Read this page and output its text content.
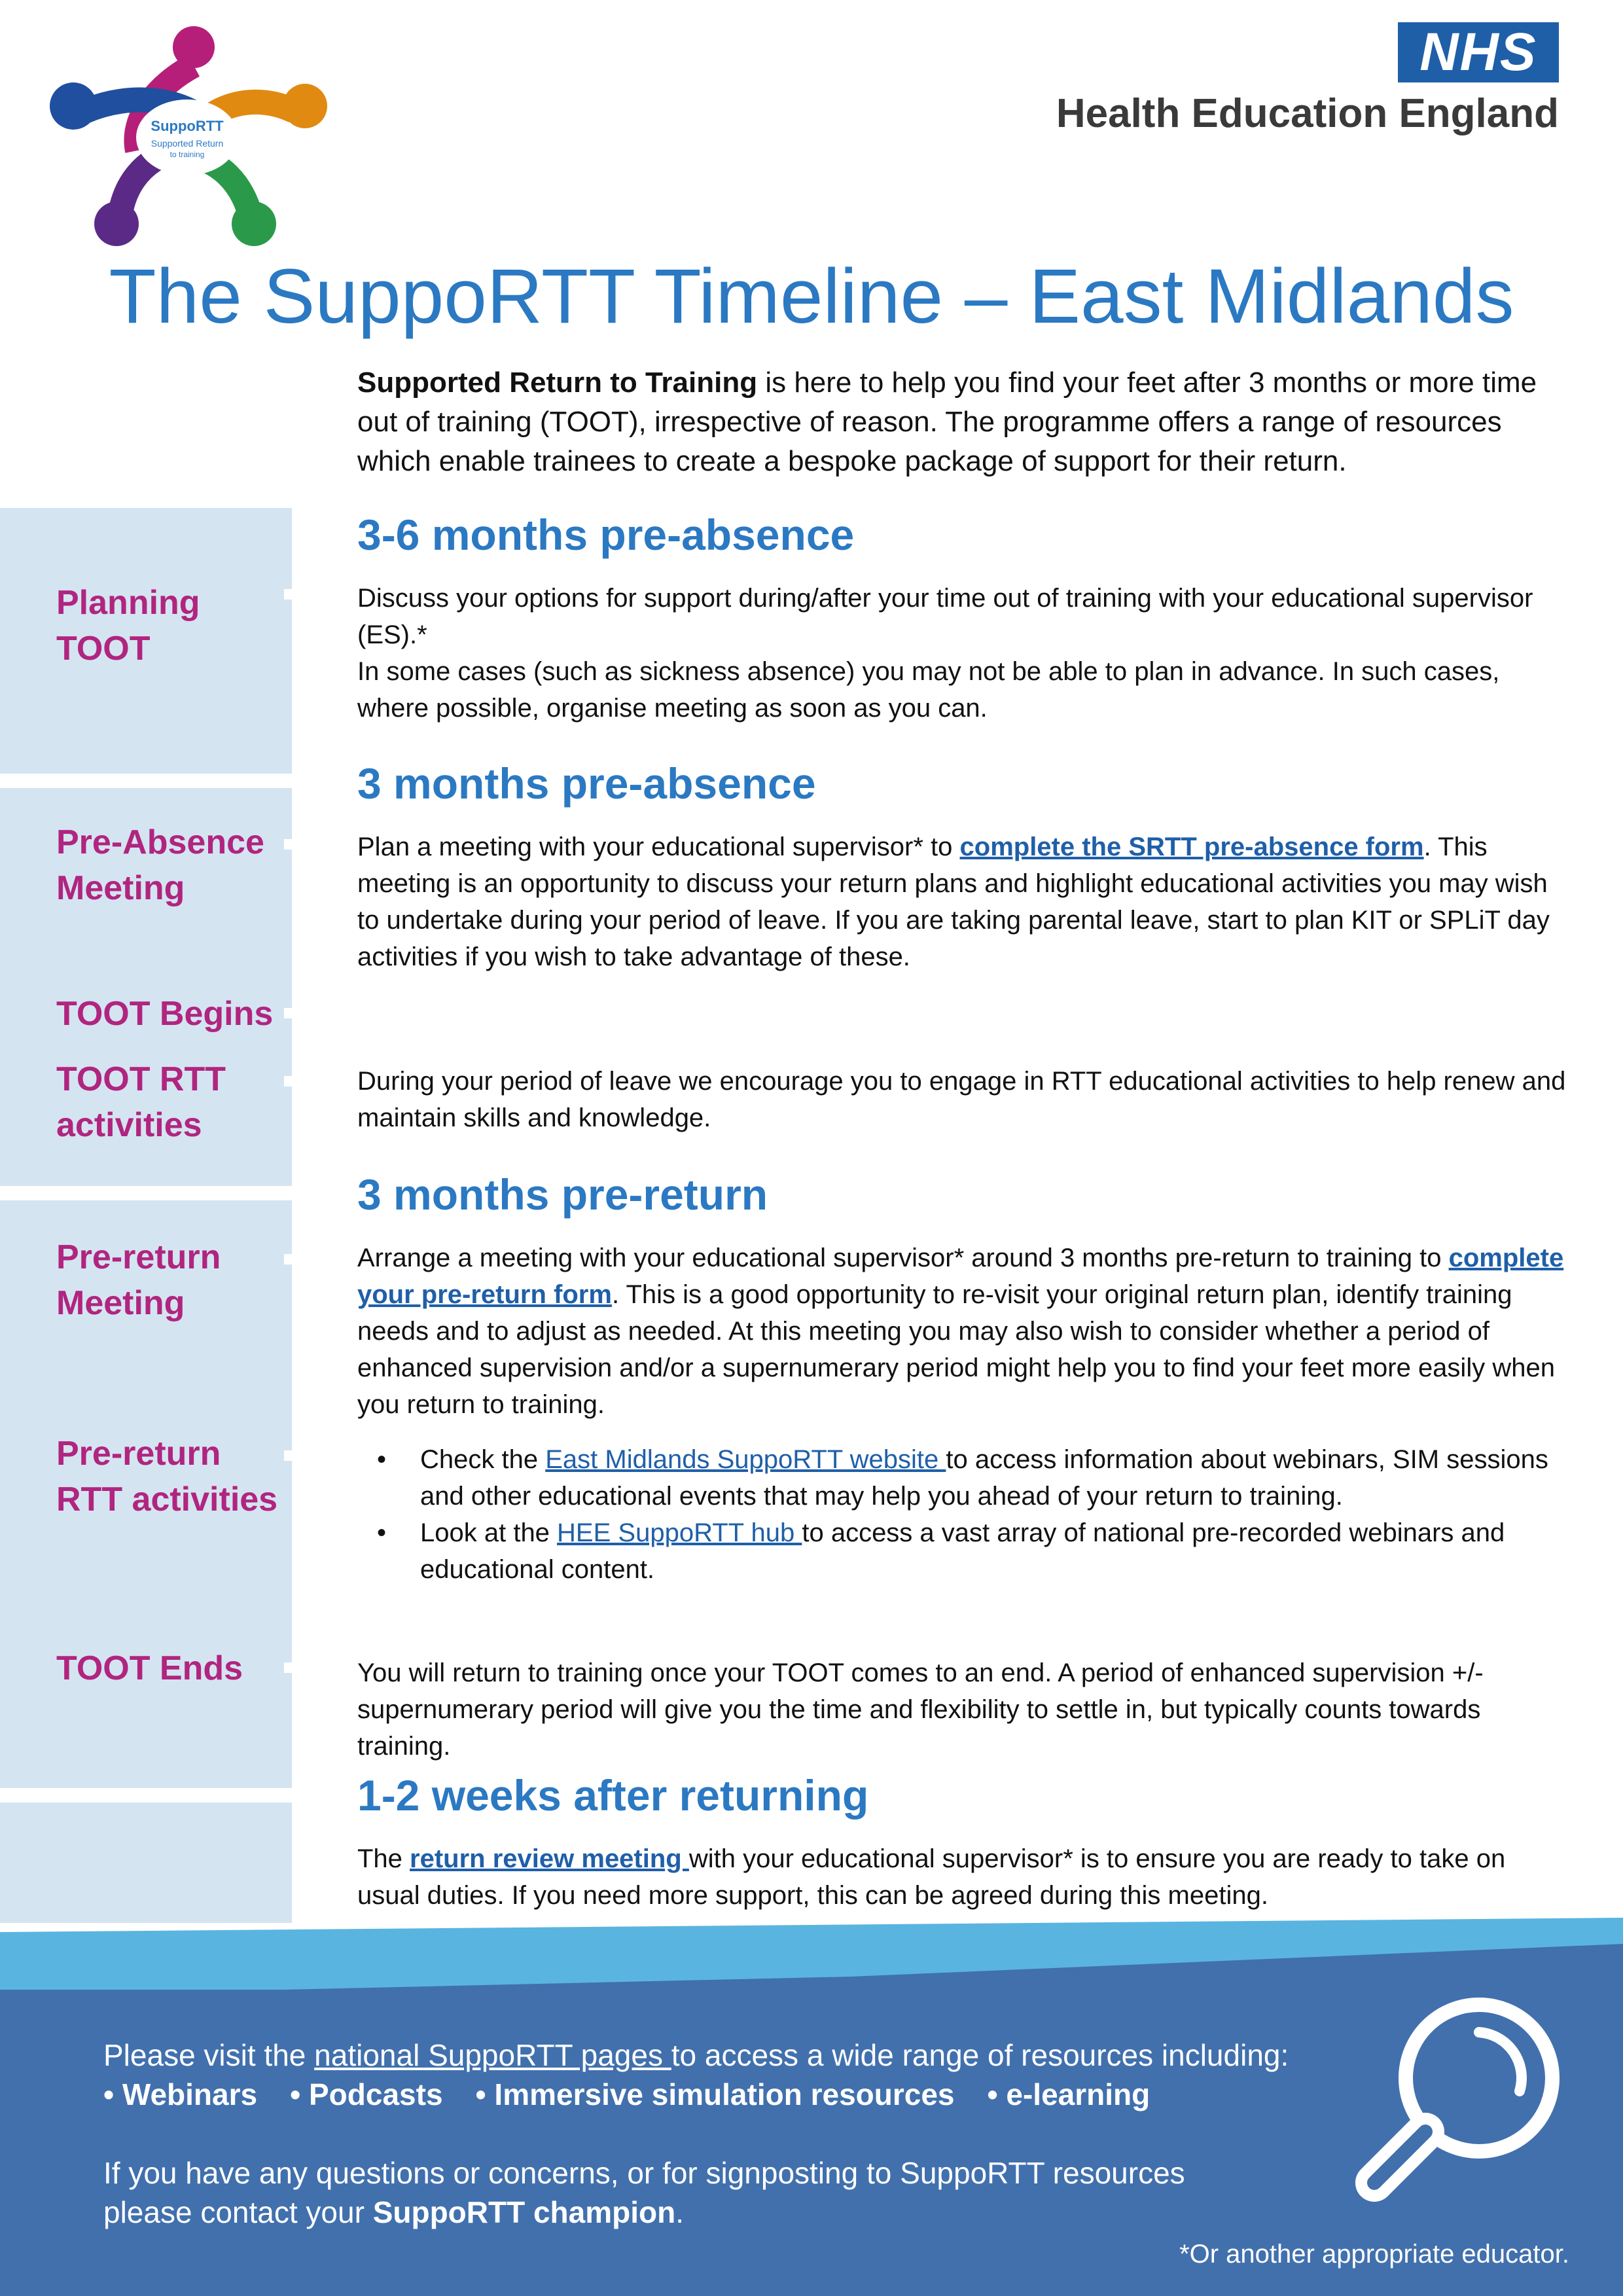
SuppoRTT
Supported Return
to training
NHS
Health Education England
The SuppoRTT Timeline – East Midlands
Supported Return to Training is here to help you find your feet after 3 months or more time out of training (TOOT), irrespective of reason. The programme offers a range of resources which enable trainees to create a bespoke package of support for their return.
Planning
TOOT
Pre-Absence
Meeting
TOOT Begins
TOOT RTT
activities
Pre-return
Meeting
Pre-return
RTT activities
TOOT Ends
3-6 months pre-absence
Discuss your options for support during/after your time out of training with your educational supervisor (ES).*
In some cases (such as sickness absence) you may not be able to plan in advance. In such cases, where possible, organise meeting as soon as you can.
3 months pre-absence
Plan a meeting with your educational supervisor* to complete the SRTT pre-absence form. This meeting is an opportunity to discuss your return plans and highlight educational activities you may wish to undertake during your period of leave. If you are taking parental leave, start to plan KIT or SPLiT day activities if you wish to take advantage of these.
During your period of leave we encourage you to engage in RTT educational activities to help renew and maintain skills and knowledge.
3 months pre-return
Arrange a meeting with your educational supervisor* around 3 months pre-return to training to complete your pre-return form. This is a good opportunity to re-visit your original return plan, identify training needs and to adjust as needed. At this meeting you may also wish to consider whether a period of enhanced supervision and/or a supernumerary period might help you to find your feet more easily when you return to training.
• Check the East Midlands SuppoRTT website to access information about webinars, SIM sessions and other educational events that may help you ahead of your return to training.
• Look at the HEE SuppoRTT hub to access a vast array of national pre-recorded webinars and educational content.
You will return to training once your TOOT comes to an end. A period of enhanced supervision +/- supernumerary period will give you the time and flexibility to settle in, but typically counts towards training.
1-2 weeks after returning
The return review meeting with your educational supervisor* is to ensure you are ready to take on usual duties. If you need more support, this can be agreed during this meeting.
Please visit the national SuppoRTT pages to access a wide range of resources including:
• Webinars • Podcasts • Immersive simulation resources • e-learning
If you have any questions or concerns, or for signposting to SuppoRTT resources
please contact your SuppoRTT champion.
*Or another appropriate educator.
